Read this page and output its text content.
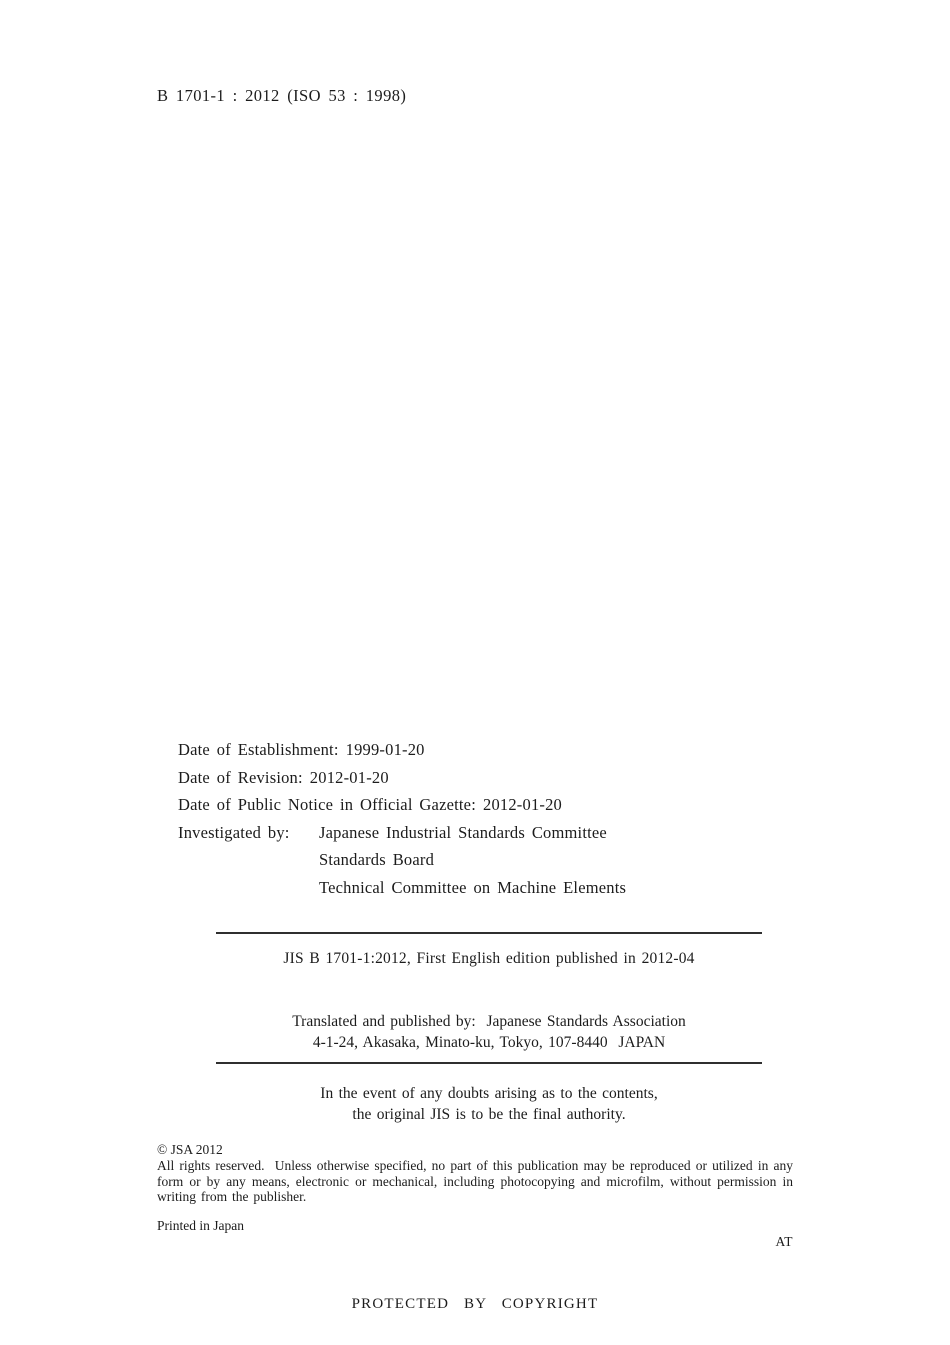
B 1701-1 : 2012 (ISO 53 : 1998)
Date of Establishment: 1999-01-20
Date of Revision: 2012-01-20
Date of Public Notice in Official Gazette: 2012-01-20
Investigated by:	Japanese Industrial Standards Committee
Standards Board
Technical Committee on Machine Elements
JIS B 1701-1:2012, First English edition published in 2012-04
Translated and published by:  Japanese Standards Association
4-1-24, Akasaka, Minato-ku, Tokyo, 107-8440  JAPAN
In the event of any doubts arising as to the contents,
the original JIS is to be the final authority.
© JSA 2012
All rights reserved.  Unless otherwise specified, no part of this publication may be reproduced or utilized in any form or by any means, electronic or mechanical, including photocopying and microfilm, without permission in writing from the publisher.
Printed in Japan
AT
PROTECTED BY COPYRIGHT
